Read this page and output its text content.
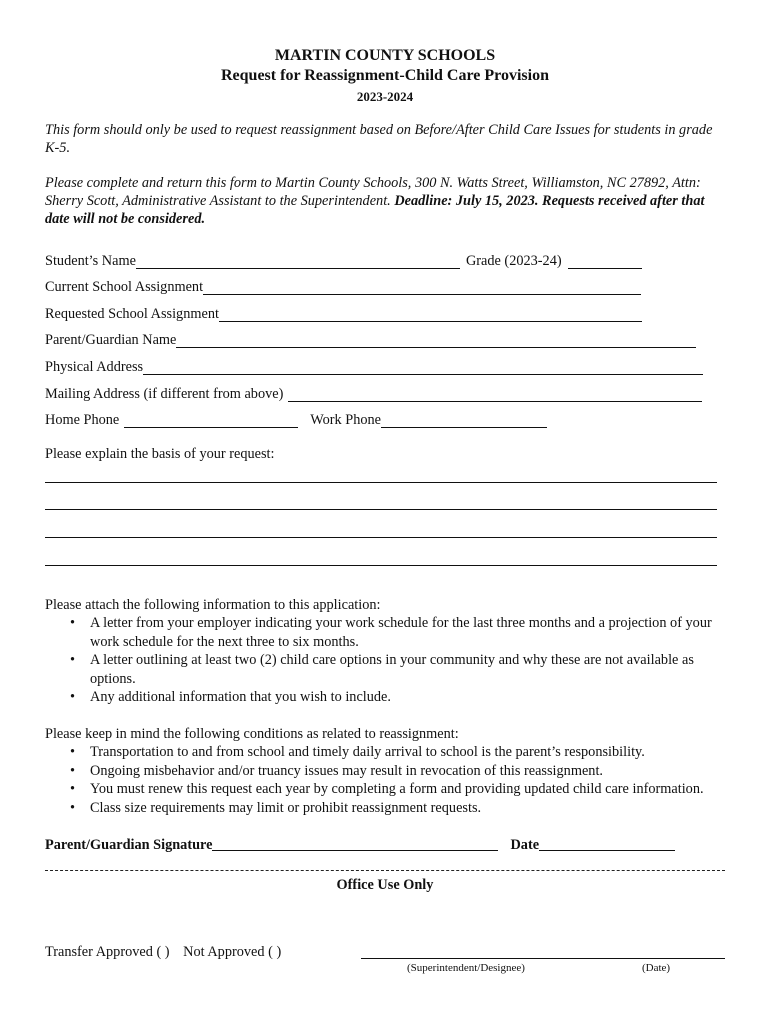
MARTIN COUNTY SCHOOLS
Request for Reassignment-Child Care Provision
2023-2024
This form should only be used to request reassignment based on Before/After Child Care Issues for students in grade K-5.
Please complete and return this form to Martin County Schools, 300 N. Watts Street, Williamston, NC 27892, Attn: Sherry Scott, Administrative Assistant to the Superintendent. Deadline: July 15, 2023. Requests received after that date will not be considered.
Student’s Name	Grade (2023-24)
Current School Assignment
Requested School Assignment
Parent/Guardian Name
Physical Address
Mailing Address (if different from above)
Home Phone	Work Phone
Please explain the basis of your request:
Please attach the following information to this application:
• A letter from your employer indicating your work schedule for the last three months and a projection of your work schedule for the next three to six months.
• A letter outlining at least two (2) child care options in your community and why these are not available as options.
• Any additional information that you wish to include.
Please keep in mind the following conditions as related to reassignment:
• Transportation to and from school and timely daily arrival to school is the parent’s responsibility.
• Ongoing misbehavior and/or truancy issues may result in revocation of this reassignment.
• You must renew this request each year by completing a form and providing updated child care information.
• Class size requirements may limit or prohibit reassignment requests.
Parent/Guardian Signature	Date
Office Use Only
Transfer Approved ( ) Not Approved ( )
(Superintendent/Designee)	(Date)
